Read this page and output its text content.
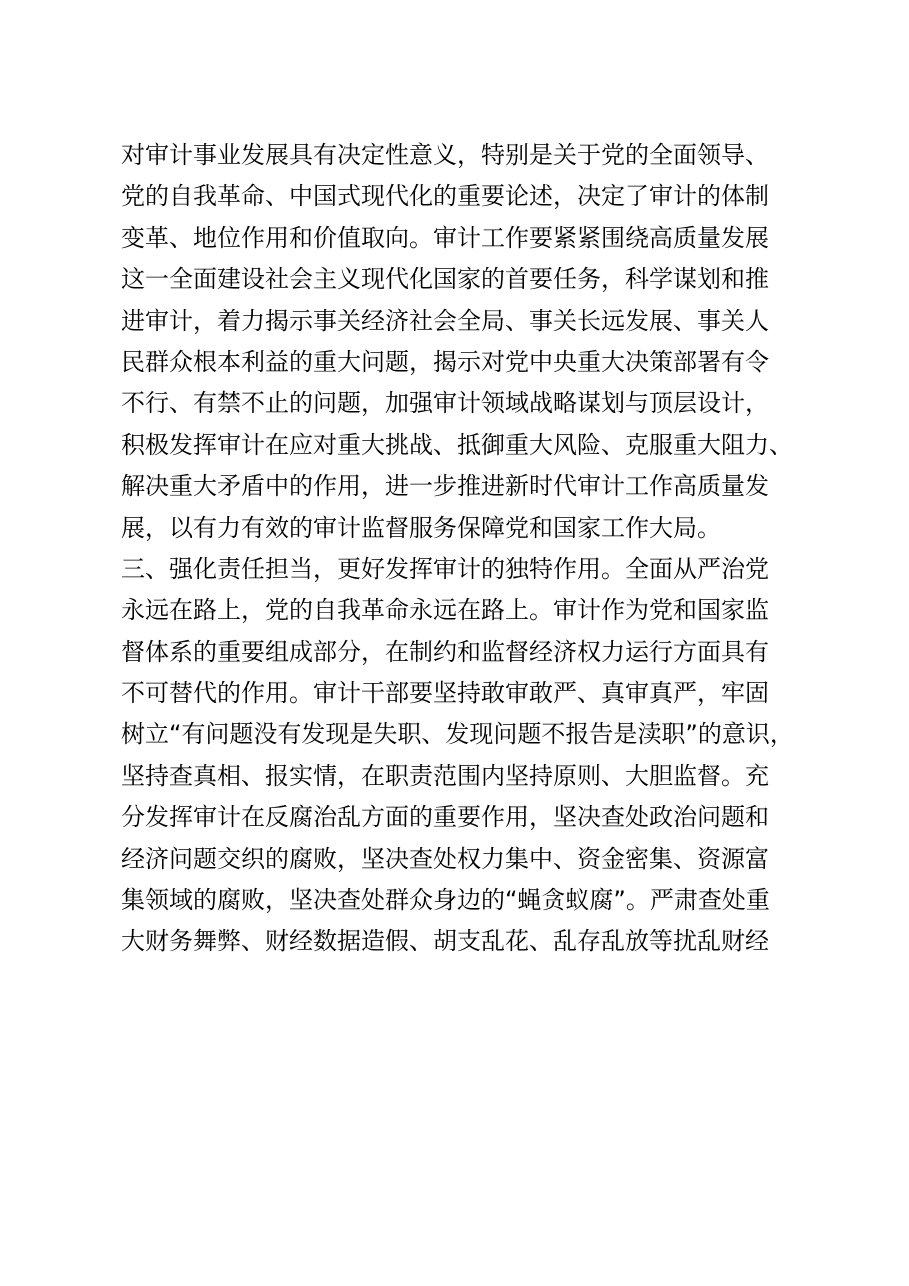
对审计事业发展具有决定性意义，特别是关于党的全面领导、
党的自我革命、中国式现代化的重要论述，决定了审计的体制
变革、地位作用和价值取向。审计工作要紧紧围绕高质量发展
这一全面建设社会主义现代化国家的首要任务，科学谋划和推
进审计，着力揭示事关经济社会全局、事关长远发展、事关人
民群众根本利益的重大问题，揭示对党中央重大决策部署有令
不行、有禁不止的问题，加强审计领域战略谋划与顶层设计，
积极发挥审计在应对重大挑战、抵御重大风险、克服重大阻力、
解决重大矛盾中的作用，进一步推进新时代审计工作高质量发
展，以有力有效的审计监督服务保障党和国家工作大局。
三、强化责任担当，更好发挥审计的独特作用。全面从严治党
永远在路上，党的自我革命永远在路上。审计作为党和国家监
督体系的重要组成部分，在制约和监督经济权力运行方面具有
不可替代的作用。审计干部要坚持敢审敢严、真审真严，牢固
树立“有问题没有发现是失职、发现问题不报告是渎职”的意识，
坚持查真相、报实情，在职责范围内坚持原则、大胆监督。充
分发挥审计在反腐治乱方面的重要作用，坚决查处政治问题和
经济问题交织的腐败，坚决查处权力集中、资金密集、资源富
集领域的腐败，坚决查处群众身边的“蝇贪蚁腐”。严肃查处重
大财务舞弊、财经数据造假、胡支乱花、乱存乱放等扰乱财经
